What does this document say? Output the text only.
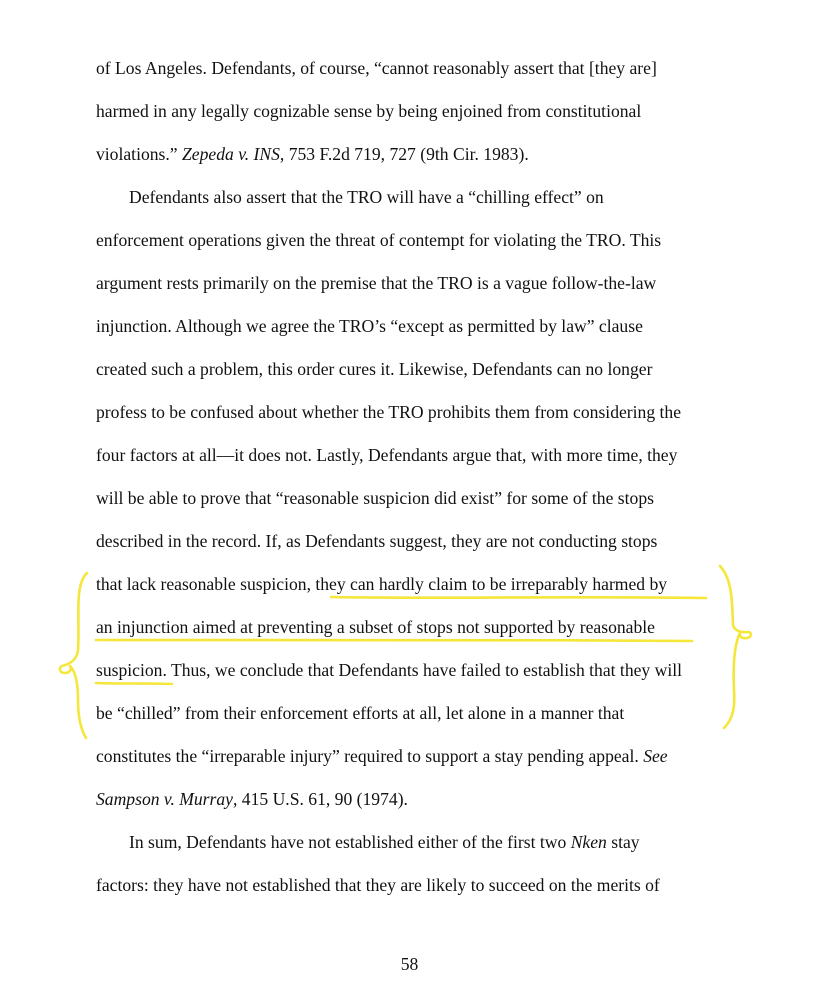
of Los Angeles. Defendants, of course, “cannot reasonably assert that [they are]
harmed in any legally cognizable sense by being enjoined from constitutional
violations.” Zepeda v. INS, 753 F.2d 719, 727 (9th Cir. 1983).
Defendants also assert that the TRO will have a “chilling effect” on
enforcement operations given the threat of contempt for violating the TRO. This
argument rests primarily on the premise that the TRO is a vague follow-the-law
injunction. Although we agree the TRO’s “except as permitted by law” clause
created such a problem, this order cures it. Likewise, Defendants can no longer
profess to be confused about whether the TRO prohibits them from considering the
four factors at all—it does not. Lastly, Defendants argue that, with more time, they
will be able to prove that “reasonable suspicion did exist” for some of the stops
described in the record. If, as Defendants suggest, they are not conducting stops
that lack reasonable suspicion, they can hardly claim to be irreparably harmed by
an injunction aimed at preventing a subset of stops not supported by reasonable
suspicion. Thus, we conclude that Defendants have failed to establish that they will
be “chilled” from their enforcement efforts at all, let alone in a manner that
constitutes the “irreparable injury” required to support a stay pending appeal. See
Sampson v. Murray, 415 U.S. 61, 90 (1974).
In sum, Defendants have not established either of the first two Nken stay
factors: they have not established that they are likely to succeed on the merits of
58
